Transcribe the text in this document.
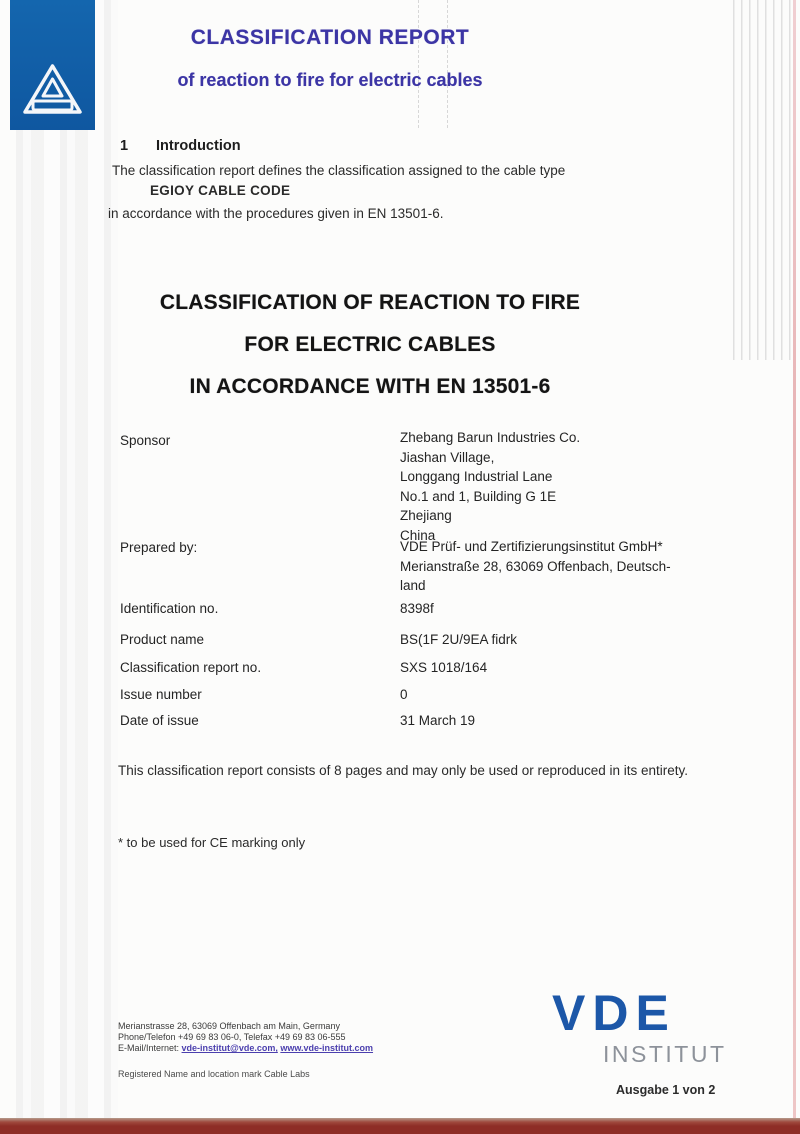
CLASSIFICATION REPORT
of reaction to fire for electric cables
1 Introduction
The classification report defines the classification assigned to the cable type
EGIOY CABLE CODE
in accordance with the procedures given in EN 13501-6.
CLASSIFICATION OF REACTION TO FIRE
FOR ELECTRIC CABLES
IN ACCORDANCE WITH EN 13501-6
Sponsor	Zhebang Barun Industries Co.
Jiashan Village,
Longgang Industrial Lane
No.1 and 1, Building G 1E
Zhejiang
China
Prepared by:	VDE Prüf- und Zertifizierungsinstitut GmbH*
Merianstraße 28, 63069 Offenbach, Deutsch-
land
Identification no.	8398f
Product name	BS(1F 2U/9EA fidrk
Classification report no.	SXS 1018/164
Issue number	0
Date of issue	31 March 19
This classification report consists of 8 pages and may only be used or reproduced in its entirety.
* to be used for CE marking only
Merianstrasse 28, 63069 Offenbach am Main, Germany
Phone/Telefon +49 69 83 06-0, Telefax +49 69 83 06-555
E-Mail/Internet: vde-institut@vde.com, www.vde-institut.com
Registered Name and location mark Cable Labs
VDE
INSTITUT
Ausgabe 1 von 2
